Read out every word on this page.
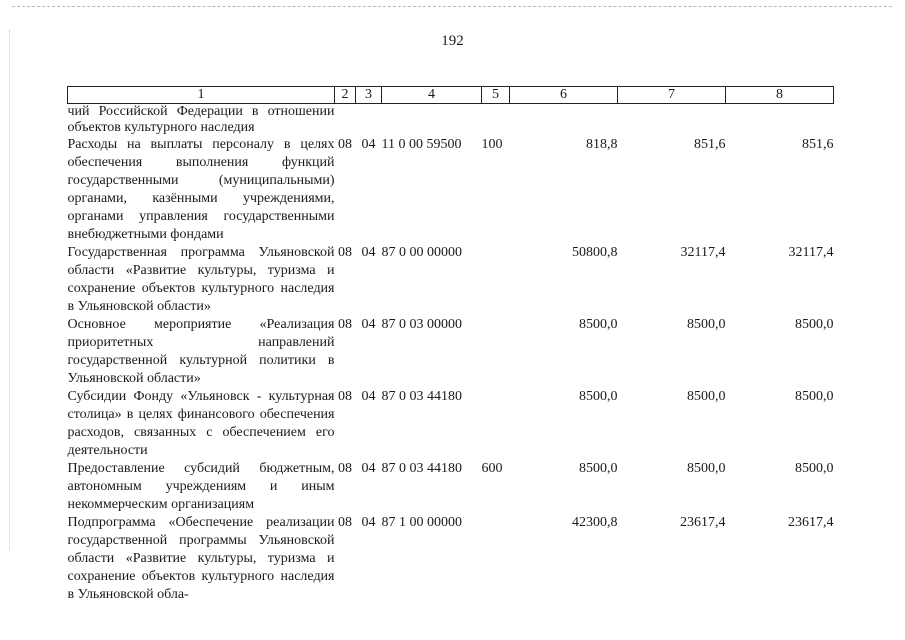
192
1	2	3	4	5	6	7	8
чий Российской Федерации в отношении объектов культурного наследия							
Расходы на выплаты персоналу в целях обеспечения выполнения функций государственными (муниципальными) органами, казёнными учреждениями, органами управления государственными внебюджетными фондами	08	04	11 0 00 59500	100	818,8	851,6	851,6
Государственная программа Ульяновской области «Развитие культуры, туризма и сохранение объектов культурного наследия в Ульяновской области»	08	04	87 0 00 00000		50800,8	32117,4	32117,4
Основное мероприятие «Реализация приоритетных направлений государственной культурной политики в Ульяновской области»	08	04	87 0 03 00000		8500,0	8500,0	8500,0
Субсидии Фонду «Ульяновск - культурная столица» в целях финансового обеспечения расходов, связанных с обеспечением его деятельности	08	04	87 0 03 44180		8500,0	8500,0	8500,0
Предоставление субсидий бюджетным, автономным учреждениям и иным некоммерческим организациям	08	04	87 0 03 44180	600	8500,0	8500,0	8500,0
Подпрограмма «Обеспечение реализации государственной программы Ульяновской области «Развитие культуры, туризма и сохранение объектов культурного наследия в Ульяновской обла-	08	04	87 1 00 00000		42300,8	23617,4	23617,4
